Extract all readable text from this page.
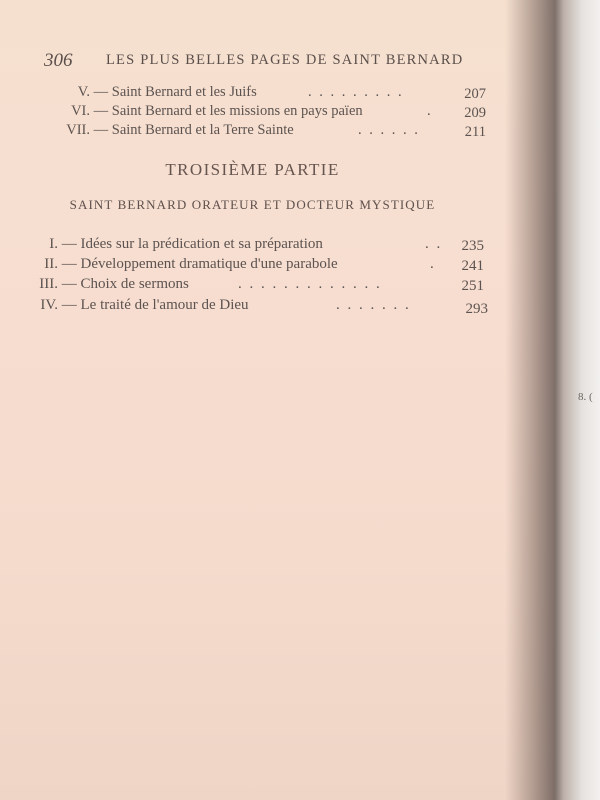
306 LES PLUS BELLES PAGES DE SAINT BERNARD
V. — Saint Bernard et les Juifs	. . . . . . . . .	207
VI. — Saint Bernard et les missions en pays païen	.	209
VII. — Saint Bernard et la Terre Sainte	. . . . . .	211
TROISIÈME PARTIE
SAINT BERNARD ORATEUR ET DOCTEUR MYSTIQUE
I. — Idées sur la prédication et sa préparation	. .	235
II. — Développement dramatique d'une parabole	.	241
III. — Choix de sermons	. . . . . . . . . . . . .	251
IV. — Le traité de l'amour de Dieu	. . . . . . .	293
8. (
